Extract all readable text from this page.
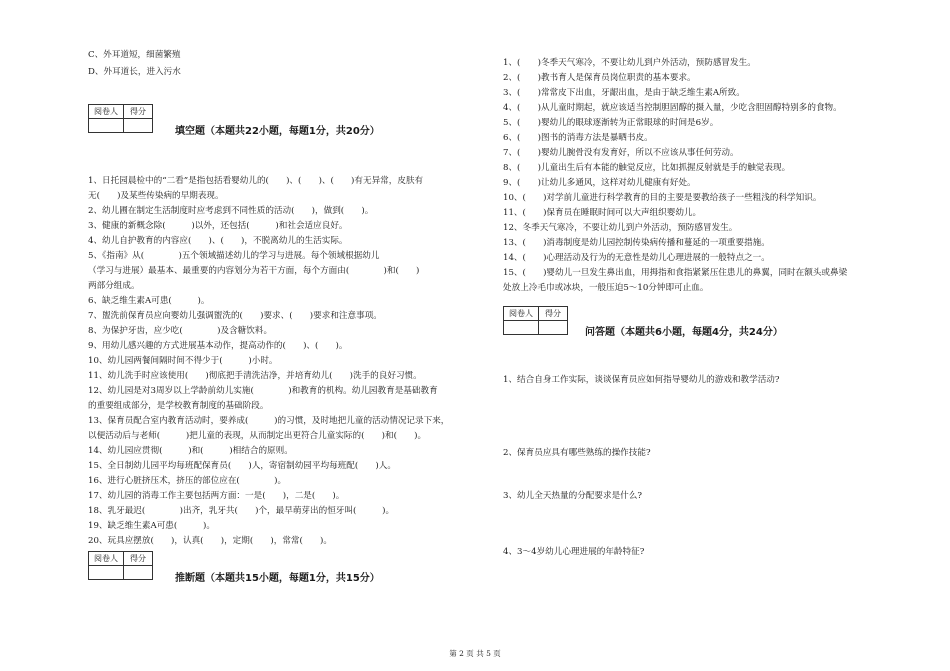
C、外耳道短，细菌繁殖
D、外耳道长，进入污水
阅卷人	得分

填空题（本题共22小题，每题1分，共20分）
1、日托园晨检中的“二看”是指包括看婴幼儿的(　　)、(　　)、(　　)有无异常，皮肤有
无(　　)及某些传染病的早期表现。
2、幼儿圃在制定生活制度时应考虑到不同性质的活动(　　)，做到(　　)。
3、健康的新概念除(　　　)以外，还包括(　　　)和社会适应良好。
4、幼儿自护教育的内容应(　　)、(　　)，不脱离幼儿的生活实际。
5、《指南》从(　　　　)五个领域描述幼儿的学习与进展。每个领域根据幼儿
（学习与进展）最基本、最重要的内容划分为若干方面，每个方面由(　　　　)和(　　)
两部分组成。
6、缺乏维生素A可患(　　　)。
7、盥洗前保育员应向婴幼儿强调盥洗的(　　)要求、(　　)要求和注意事项。
8、为保护牙齿，应少吃(　　　　)及含糖饮料。
9、用幼儿感兴趣的方式进展基本动作，提高动作的(　　)、(　　)。
10、幼儿园两餐间隔时间不得少于(　　　)小时。
11、幼儿洗手时应该使用(　　)彻底把手清洗洁净，并培育幼儿(　　)洗手的良好习惯。
12、幼儿园是对3周岁以上学龄前幼儿实施(　　　　)和教育的机构。幼儿园教育是基础教育
的重要组成部分，是学校教育制度的基础阶段。
13、保育员配合室内教育活动时，要养成(　　　)的习惯，及时地把儿童的活动情况记录下来，
以便活动后与老师(　　　)把儿童的表现，从而制定出更符合儿童实际的(　　)和(　　)。
14、幼儿园应贯彻(　　　)和(　　　)相结合的原则。
15、全日制幼儿园平均每班配保育员(　　)人，寄宿制幼园平均每班配(　　)人。
16、进行心脏挤压术，挤压的部位应在(　　　　)。
17、幼儿园的消毒工作主要包括两方面：一是(　　)，二是(　　)。
18、乳牙最迟(　　　　)出齐，乳牙共(　　)个，最早萌芽出的恒牙叫(　　　)。
19、缺乏维生素A可患(　　　)。
20、玩具应摆放(　　)，认真(　　)，定期(　　)，常常(　　)。
阅卷人	得分

推断题（本题共15小题，每题1分，共15分）
1、(　　)冬季天气寒冷，不要让幼儿到户外活动，预防感冒发生。
2、(　　)教书育人是保育员岗位职责的基本要求。
3、(　　)常常皮下出血，牙龈出血，是由于缺乏维生素A所致。
4、(　　)从儿童时期起，就应该适当控制胆固醇的摄入量，少吃含胆固醇特别多的食物。
5、(　　)婴幼儿的眼球逐渐转为正常眼球的时间是6岁。
6、(　　)图书的消毒方法是暴晒书皮。
7、(　　)婴幼儿腕骨没有发育好，所以不应该从事任何劳动。
8、(　　)儿童出生后有本能的触觉反应，比如抓握反射就是手的触觉表现。
9、(　　)让幼儿多通风，这样对幼儿健康有好处。
10、(　　)对学前儿童进行科学教育的目的主要是要教给孩子一些粗浅的科学知识。
11、(　　)保育员在睡眠时间可以大声组织婴幼儿。
12、冬季天气寒冷，不要让幼儿到户外活动，预防感冒发生。
13、(　　)消毒制度是幼儿园控制传染病传播和蔓延的一项重要措施。
14、(　　)心理活动及行为的无意性是幼儿心理进展的一般特点之一。
15、(　　)婴幼儿一旦发生鼻出血，用拇指和食指紧紧压住患儿的鼻翼，同时在额头或鼻梁
处放上冷毛巾或冰块，一般压迫5～10分钟即可止血。
阅卷人	得分

问答题（本题共6小题，每题4分，共24分）
1、结合自身工作实际，谈谈保育员应如何指导婴幼儿的游戏和教学活动?
2、保育员应具有哪些熟练的操作技能?
3、幼儿全天热量的分配要求是什么?
4、3～4岁幼儿心理进展的年龄特征?
第 2 页 共 5 页
